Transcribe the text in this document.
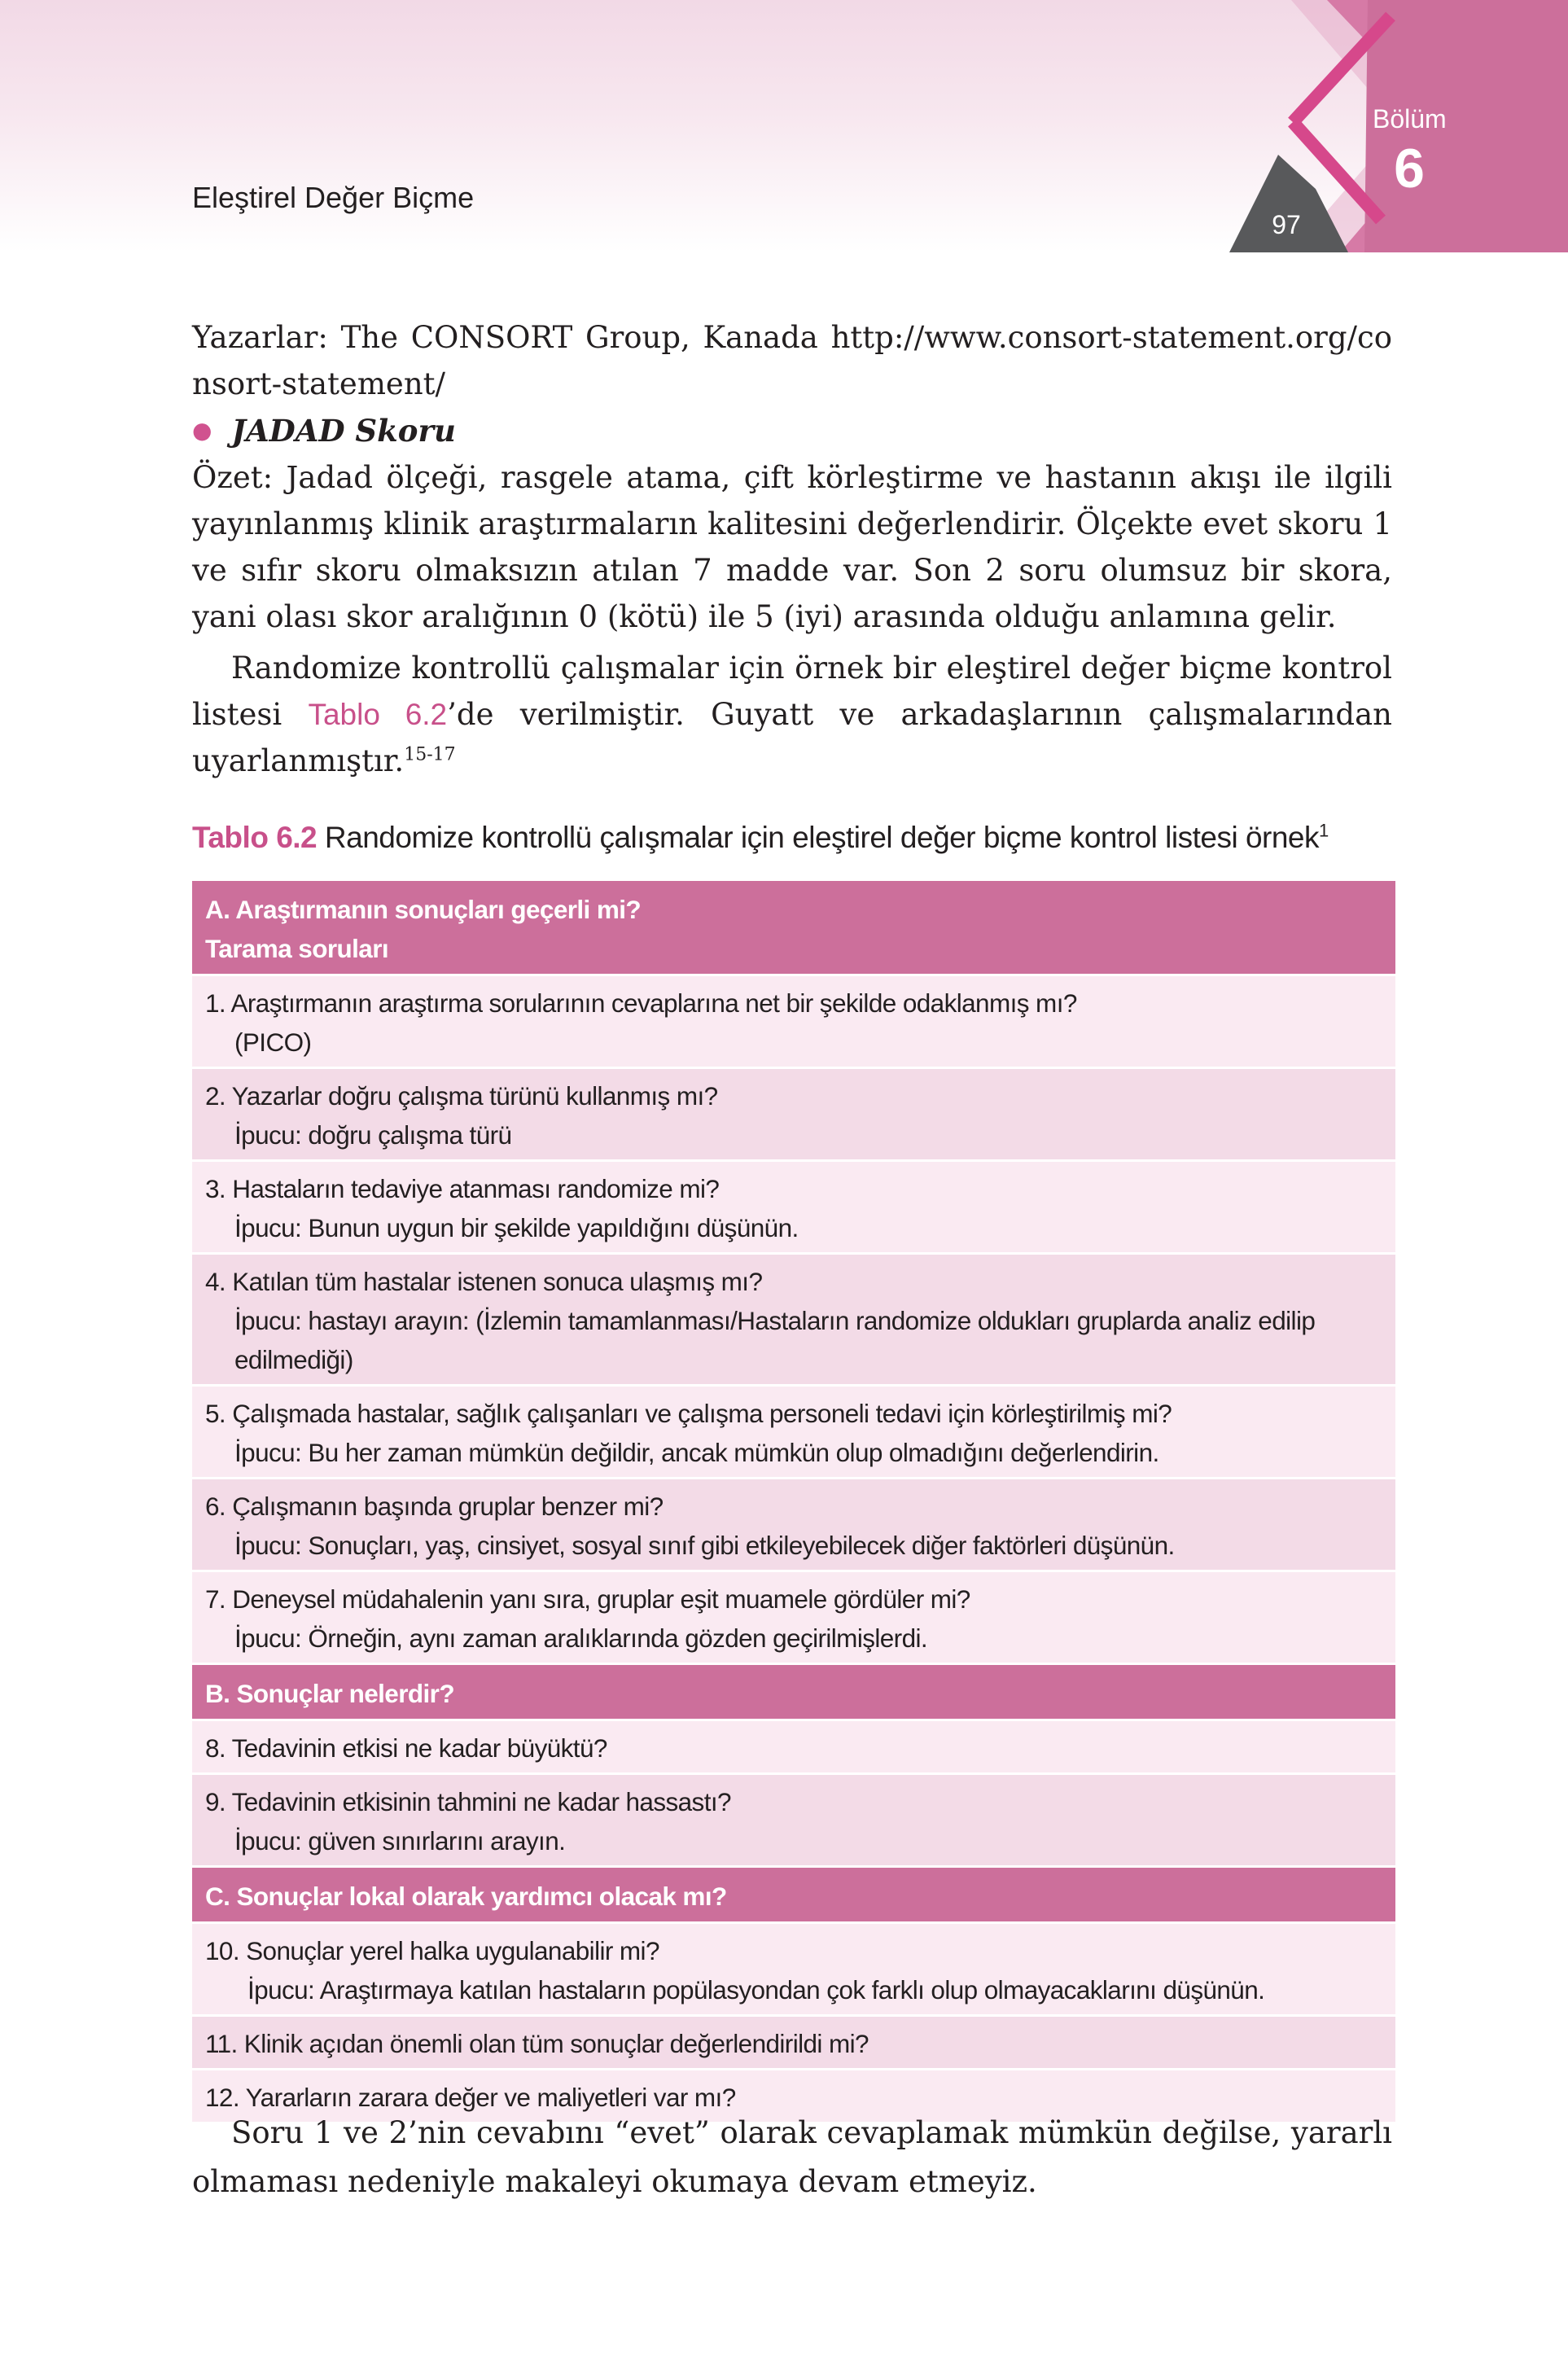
Eleştirel Değer Biçme
Bölüm
6
97

Yazarlar: The CONSORT Group, Kanada http://www.consort-statement.org/consort-statement/

● JADAD Skoru

Özet: Jadad ölçeği, rasgele atama, çift körleştirme ve hastanın akışı ile ilgili yayınlanmış klinik araştırmaların kalitesini değerlendirir. Ölçekte evet skoru 1 ve sıfır skoru olmaksızın atılan 7 madde var. Son 2 soru olumsuz bir skora, yani olası skor aralığının 0 (kötü) ile 5 (iyi) arasında olduğu anlamına gelir.

Randomize kontrollü çalışmalar için örnek bir eleştirel değer biçme kontrol listesi Tablo 6.2’de verilmiştir. Guyatt ve arkadaşlarının çalışmalarından uyarlanmıştır.$^{15-17}$

Tablo 6.2 Randomize kontrollü çalışmalar için eleştirel değer biçme kontrol listesi örnek$^1$
A. Araştırmanın sonuçları geçerli mi?
Tarama soruları
1. Araştırmanın araştırma sorularının cevaplarına net bir şekilde odaklanmış mı?
(PICO)
2. Yazarlar doğru çalışma türünü kullanmış mı?
İpucu: doğru çalışma türü
3. Hastaların tedaviye atanması randomize mi?
İpucu: Bunun uygun bir şekilde yapıldığını düşünün.
4. Katılan tüm hastalar istenen sonuca ulaşmış mı?
İpucu: hastayı arayın: (İzlemin tamamlanması/Hastaların randomize oldukları gruplarda analiz edilip edilmediği)
5. Çalışmada hastalar, sağlık çalışanları ve çalışma personeli tedavi için körleştirilmiş mi?
İpucu: Bu her zaman mümkün değildir, ancak mümkün olup olmadığını değerlendirin.
6. Çalışmanın başında gruplar benzer mi?
İpucu: Sonuçları, yaş, cinsiyet, sosyal sınıf gibi etkileyebilecek diğer faktörleri düşünün.
7. Deneysel müdahalenin yanı sıra, gruplar eşit muamele gördüler mi?
İpucu: Örneğin, aynı zaman aralıklarında gözden geçirilmişlerdi.
B. Sonuçlar nelerdir?
8. Tedavinin etkisi ne kadar büyüktü?
9. Tedavinin etkisinin tahmini ne kadar hassastı?
İpucu: güven sınırlarını arayın.
C. Sonuçlar lokal olarak yardımcı olacak mı?
10. Sonuçlar yerel halka uygulanabilir mi?
İpucu: Araştırmaya katılan hastaların popülasyondan çok farklı olup olmayacaklarını düşünün.
11. Klinik açıdan önemli olan tüm sonuçlar değerlendirildi mi?
12. Yararların zarara değer ve maliyetleri var mı?
Soru 1 ve 2’nin cevabını “evet” olarak cevaplamak mümkün değilse, yararlı olmaması nedeniyle makaleyi okumaya devam etmeyiz.
